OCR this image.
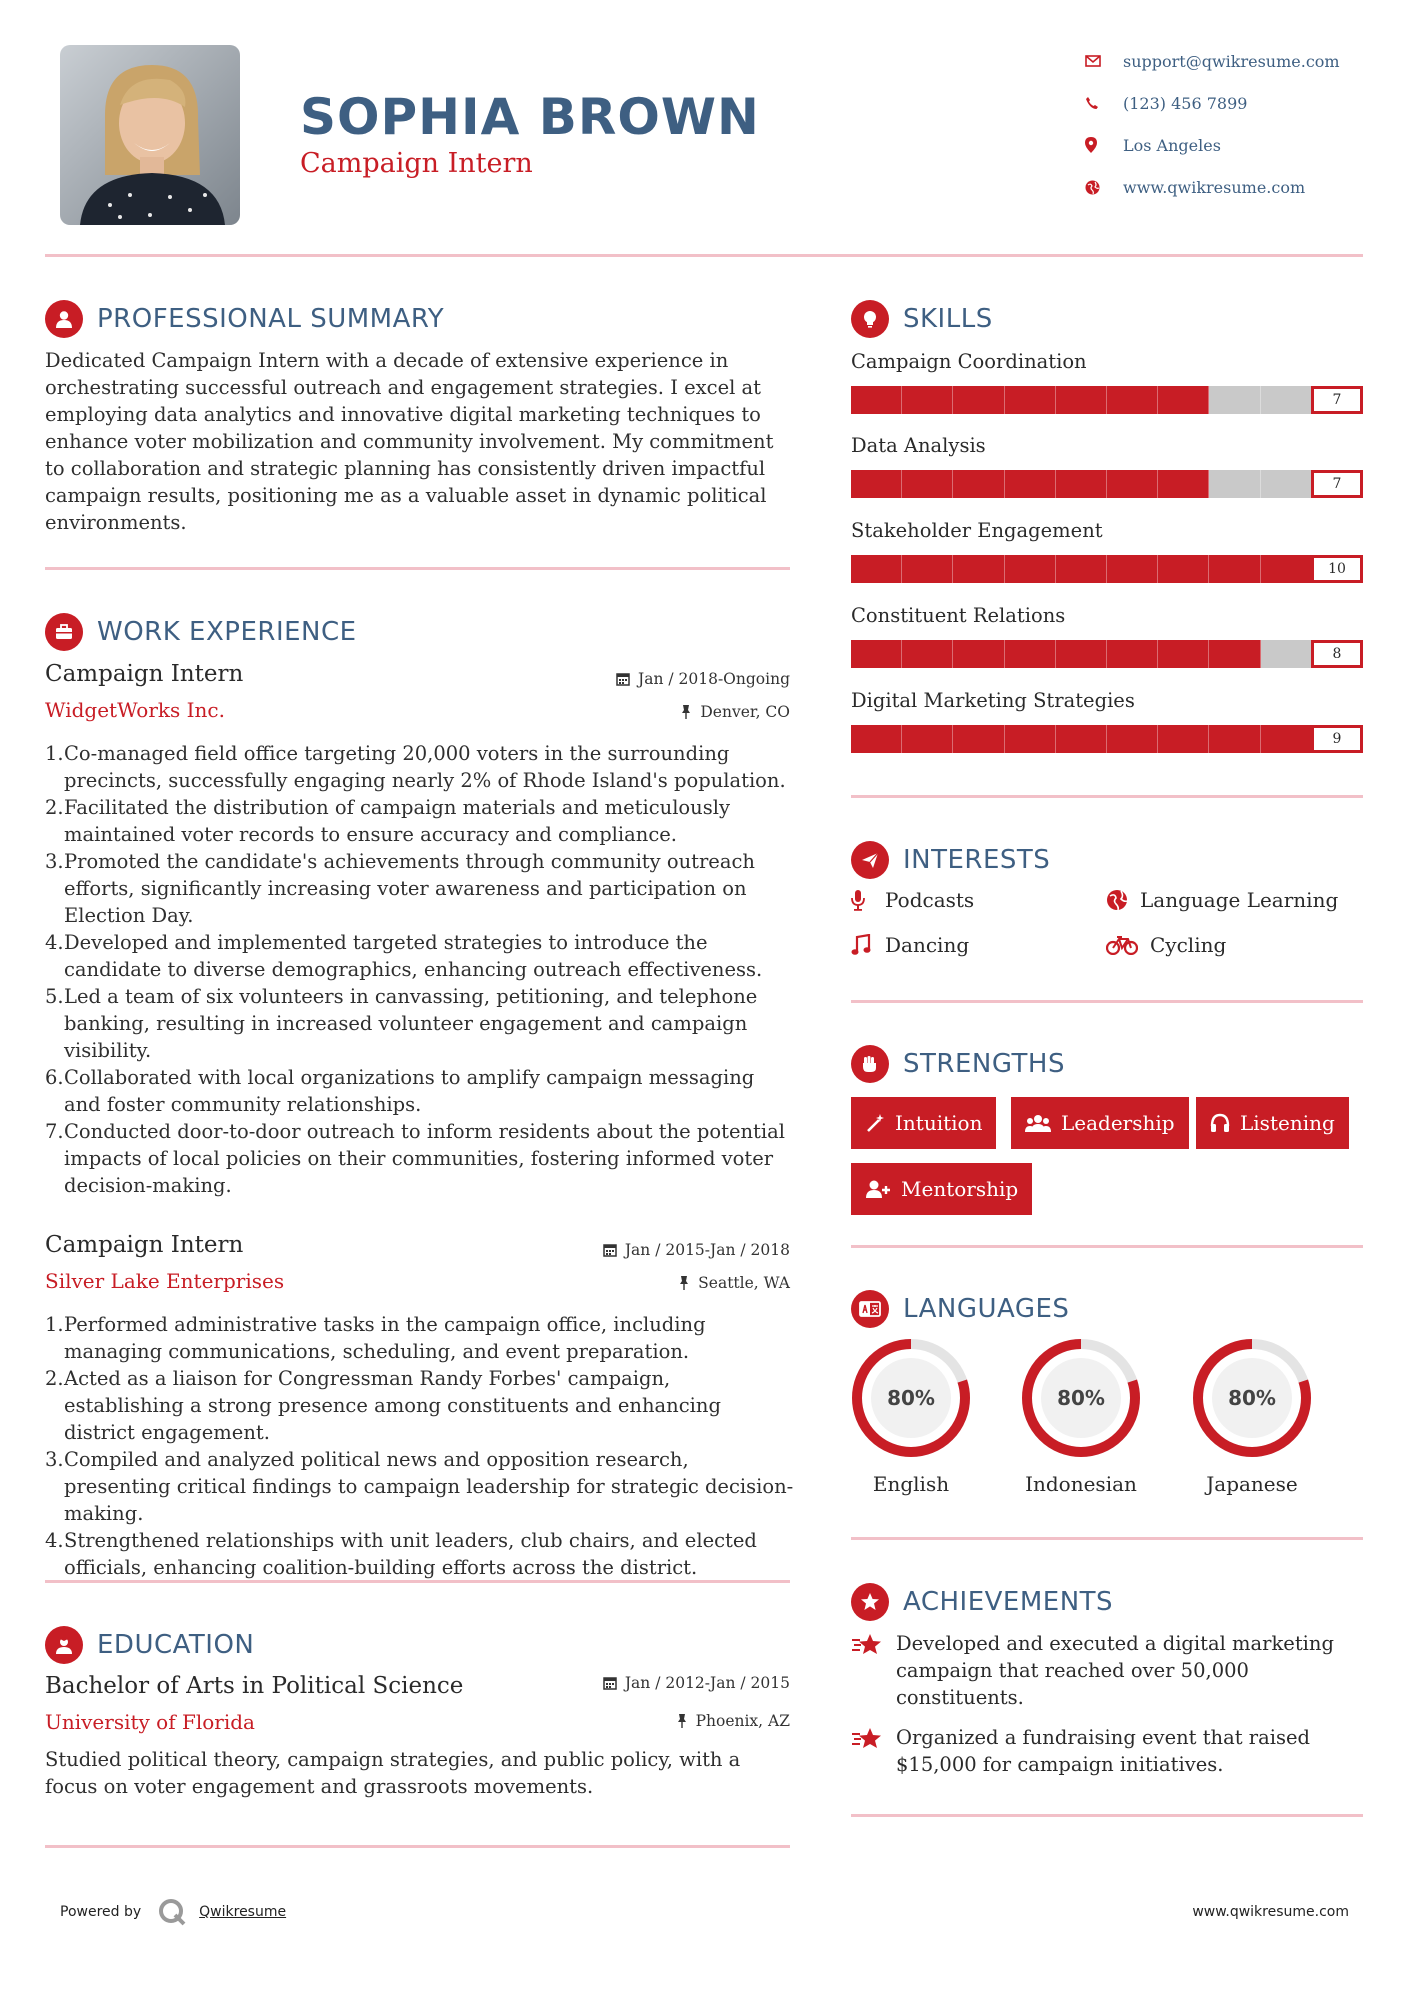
SOPHIA BROWN
Campaign Intern
support@qwikresume.com
(123) 456 7899
Los Angeles
www.qwikresume.com
PROFESSIONAL SUMMARY
Dedicated Campaign Intern with a decade of extensive experience in orchestrating successful outreach and engagement strategies. I excel at employing data analytics and innovative digital marketing techniques to enhance voter mobilization and community involvement. My commitment to collaboration and strategic planning has consistently driven impactful campaign results, positioning me as a valuable asset in dynamic political environments.
WORK EXPERIENCE
Campaign Intern
WidgetWorks Inc.
Jan / 2018-Ongoing
Denver, CO
1. Co-managed field office targeting 20,000 voters in the surrounding precincts, successfully engaging nearly 2% of Rhode Island's population.
2. Facilitated the distribution of campaign materials and meticulously maintained voter records to ensure accuracy and compliance.
3. Promoted the candidate's achievements through community outreach efforts, significantly increasing voter awareness and participation on Election Day.
4. Developed and implemented targeted strategies to introduce the candidate to diverse demographics, enhancing outreach effectiveness.
5. Led a team of six volunteers in canvassing, petitioning, and telephone banking, resulting in increased volunteer engagement and campaign visibility.
6. Collaborated with local organizations to amplify campaign messaging and foster community relationships.
7. Conducted door-to-door outreach to inform residents about the potential impacts of local policies on their communities, fostering informed voter decision-making.
Campaign Intern
Silver Lake Enterprises
Jan / 2015-Jan / 2018
Seattle, WA
1. Performed administrative tasks in the campaign office, including managing communications, scheduling, and event preparation.
2. Acted as a liaison for Congressman Randy Forbes' campaign, establishing a strong presence among constituents and enhancing district engagement.
3. Compiled and analyzed political news and opposition research, presenting critical findings to campaign leadership for strategic decision-making.
4. Strengthened relationships with unit leaders, club chairs, and elected officials, enhancing coalition-building efforts across the district.
EDUCATION
Bachelor of Arts in Political Science
University of Florida
Jan / 2012-Jan / 2015
Phoenix, AZ
Studied political theory, campaign strategies, and public policy, with a focus on voter engagement and grassroots movements.
SKILLS
Campaign Coordination
7
Data Analysis
7
Stakeholder Engagement
10
Constituent Relations
8
Digital Marketing Strategies
9
INTERESTS
Podcasts	Language Learning
Dancing	Cycling
STRENGTHS
Intuition	Leadership	Listening
Mentorship
LANGUAGES
80%
English
80%
Indonesian
80%
Japanese
ACHIEVEMENTS
Developed and executed a digital marketing campaign that reached over 50,000 constituents.
Organized a fundraising event that raised $15,000 for campaign initiatives.
Powered by	Qwikresume	www.qwikresume.com
